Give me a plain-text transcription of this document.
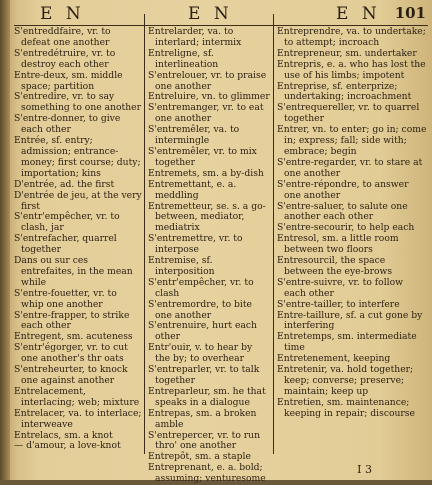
E N	E N	E N 101
S'entreddfaire, vr. to defeat one another
S'entredétruire, vr. to destroy each other
Entre-deux, sm. middle space; partition
S'entredire, vr. to say something to one another
S'entre-donner, to give each other
Entrée, sf. entry; admission; entrance-money; first course; duty; importation; kins
D'entrée, ad. the first
D'entrée de jeu, at the very first
S'entr'empêcher, vr. to clash, jar
S'entrefacher, quarrel together
Dans ou sur ces entrefaites, in the mean while
S'entre-fouetter, vr. to whip one another
S'entre-frapper, to strike each other
Entregent, sm. acuteness
S'entr'égorger, vr. to cut one another's thr oats
S'entreheurter, to knock one against another
Entrelacement, interlacing; web; mixture
Entrelacer, va. to interlace; interweave
Entrelacs, sm. a knot
— d'amour, a love-knot
Entrelarder, va. to interlard; intermix
Entreligne, sf. interlineation
S'entrelouer, vr. to praise one another
Entreluire, vn. to glimmer
S'entremanger, vr. to eat one another
S'entremêler, va. to intermingle
S'entremêler, vr. to mix together
Entremets, sm. a by-dish
Entremettant, e. a. meddling
Entremetteur, se. s. a go-between, mediator, mediatrix
S'entremettre, vr. to interpose
Entremise, sf. interposition
S'entr'empêcher, vr. to clash
S'entremordre, to bite one another
S'entrenuire, hurt each other
Entr'ouir, v. to hear by the by; to overhear
S'entreparler, vr. to talk together
Entreparleur, sm. he that speaks in a dialogue
Entrepas, sm. a broken amble
S'entrepercer, vr. to run thro' one another
Entrepôt, sm. a staple
Entreprenant, e. a. bold; assuming; venturesome
Entreprendre, va. to undertake; to attempt; incroach
Entrepreneur, sm. undertaker
Entrepris, e. a. who has lost the use of his limbs; impotent
Entreprise, sf. enterprize; undertaking; incroachment
S'entrequereller, vr. to quarrel together
Entrer, vn. to enter; go in; come in; express; fall; side with; embrace; begin
S'entre-regarder, vr. to stare at one another
S'entre-répondre, to answer one another
S'entre-saluer, to salute one another each other
S'entre-secourir, to help each
Entresol, sm. a little room between two floors
Entresourcil, the space between the eye-brows
S'entre-suivre, vr. to follow each other
S'entre-tailler, to interfere
Entre-taillure, sf. a cut gone by interfering
Entretemps, sm. intermediate time
Entretenement, keeping
Entretenir, va. hold together; keep; converse; preserve; maintain; keep up
Entretien, sm. maintenance; keeping in repair; discourse
I 3
